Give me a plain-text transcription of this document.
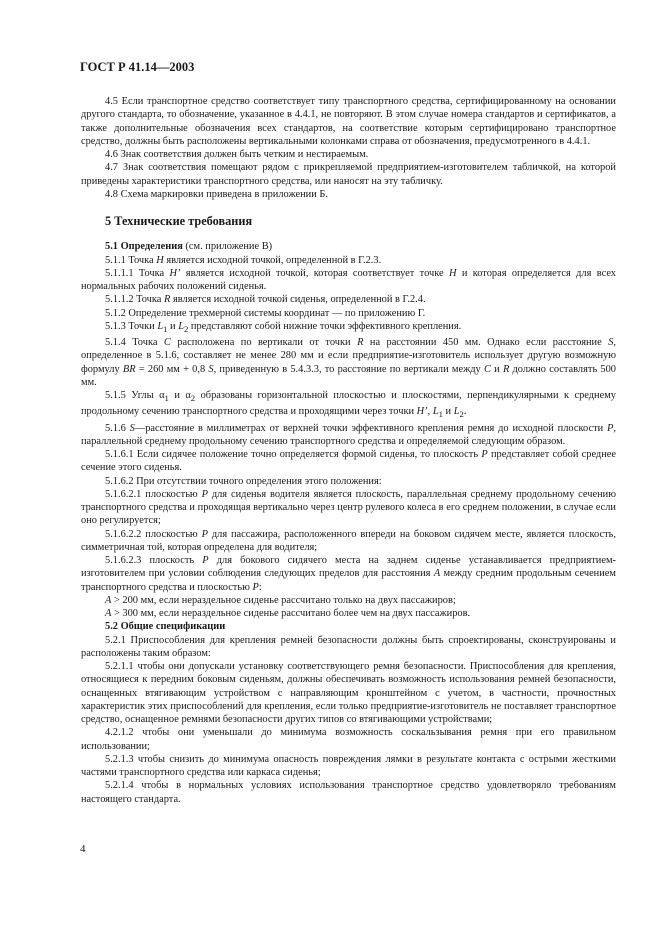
ГОСТ Р 41.14—2003

4.5 Если транспортное средство соответствует типу транспортного средства, сертифицированному на основании другого стандарта, то обозначение, указанное в 4.4.1, не повторяют. В этом случае номера стандартов и сертификатов, а также дополнительные обозначения всех стандартов, на соответствие которым сертифицировано транспортное средство, должны быть расположены вертикальными колонками справа от обозначения, предусмотренного в 4.4.1.

4.6 Знак соответствия должен быть четким и нестираемым.

4.7 Знак соответствия помещают рядом с прикрепляемой предприятием-изготовителем табличкой, на которой приведены характеристики транспортного средства, или наносят на эту табличку.

4.8 Схема маркировки приведена в приложении Б.

5 Технические требования

5.1 Определения (см. приложение В)

5.1.1 Точка H является исходной точкой, определенной в Г.2.3.

5.1.1.1 Точка H’ является исходной точкой, которая соответствует точке H и которая определяется для всех нормальных рабочих положений сиденья.

5.1.1.2 Точка R является исходной точкой сиденья, определенной в Г.2.4.

5.1.2 Определение трехмерной системы координат — по приложению Г.

5.1.3 Точки $L_1$ и $L_2$ представляют собой нижние точки эффективного крепления.

5.1.4 Точка C расположена по вертикали от точки R на расстоянии 450 мм. Однако если расстояние S, определенное в 5.1.6, составляет не менее 280 мм и если предприятие-изготовитель использует другую возможную формулу BR = 260 мм + 0,8 S, приведенную в 5.4.3.3, то расстояние по вертикали между C и R должно составлять 500 мм.

5.1.5 Углы $\alpha_1$ и $\alpha_2$ образованы горизонтальной плоскостью и плоскостями, перпендикулярными к среднему продольному сечению транспортного средства и проходящими через точки H’, $L_1$ и $L_2$.

5.1.6 S—расстояние в миллиметрах от верхней точки эффективного крепления ремня до исходной плоскости P, параллельной среднему продольному сечению транспортного средства и определяемой следующим образом.

5.1.6.1 Если сидячее положение точно определяется формой сиденья, то плоскость P представляет собой среднее сечение этого сиденья.

5.1.6.2 При отсутствии точного определения этого положения:

5.1.6.2.1 плоскостью P для сиденья водителя является плоскость, параллельная среднему продольному сечению транспортного средства и проходящая вертикально через центр рулевого колеса в его среднем положении, в случае если оно регулируется;

5.1.6.2.2 плоскостью P для пассажира, расположенного впереди на боковом сидячем месте, является плоскость, симметричная той, которая определена для водителя;

5.1.6.2.3 плоскость P для бокового сидячего места на заднем сиденье устанавливается предприятием-изготовителем при условии соблюдения следующих пределов для расстояния A между средним продольным сечением транспортного средства и плоскостью P:

A > 200 мм, если нераздельное сиденье рассчитано только на двух пассажиров;

A > 300 мм, если нераздельное сиденье рассчитано более чем на двух пассажиров.

5.2 Общие спецификации

5.2.1 Приспособления для крепления ремней безопасности должны быть спроектированы, сконструированы и расположены таким образом:

5.2.1.1 чтобы они допускали установку соответствующего ремня безопасности. Приспособления для крепления, относящиеся к передним боковым сиденьям, должны обеспечивать возможность использования ремней безопасности, оснащенных втягивающим устройством с направляющим кронштейном с учетом, в частности, прочностных характеристик этих приспособлений для крепления, если только предприятие-изготовитель не поставляет транспортное средство, оснащенное ремнями безопасности других типов со втягивающими устройствами;

4.2.1.2 чтобы они уменьшали до минимума возможность соскальзывания ремня при его правильном использовании;

5.2.1.3 чтобы снизить до минимума опасность повреждения лямки в результате контакта с острыми жесткими частями транспортного средства или каркаса сиденья;

5.2.1.4 чтобы в нормальных условиях использования транспортное средство удовлетворяло требованиям настоящего стандарта.

4
